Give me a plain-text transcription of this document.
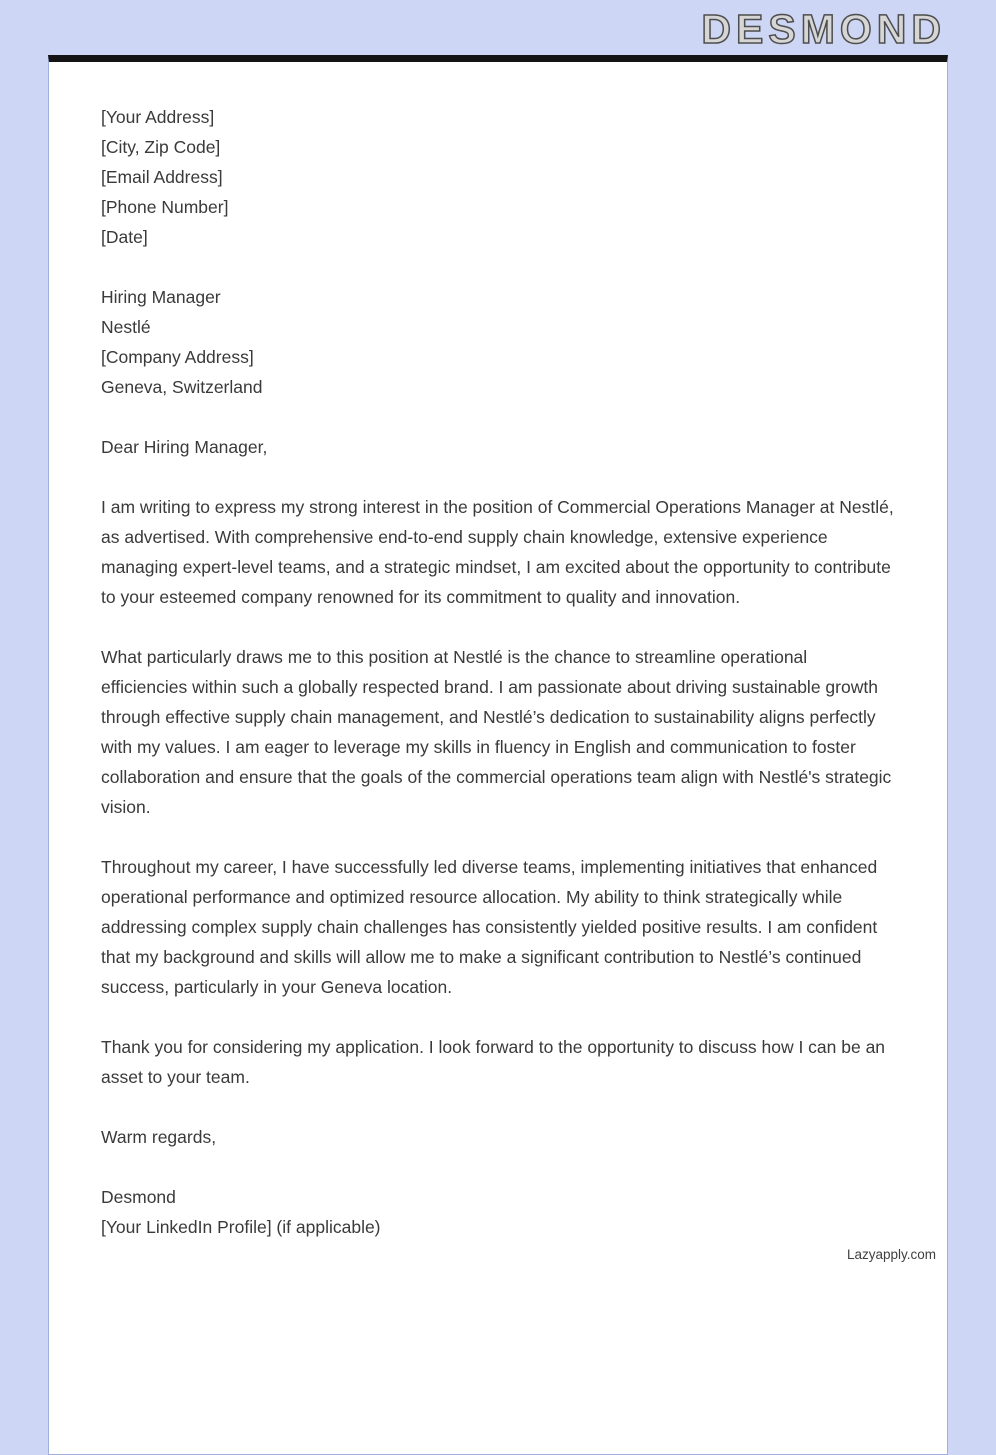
DESMOND
[Your Address]
[City, Zip Code]
[Email Address]
[Phone Number]
[Date]
Hiring Manager
Nestlé
[Company Address]
Geneva, Switzerland

Dear Hiring Manager,

I am writing to express my strong interest in the position of Commercial Operations Manager at Nestlé, as advertised. With comprehensive end-to-end supply chain knowledge, extensive experience managing expert-level teams, and a strategic mindset, I am excited about the opportunity to contribute to your esteemed company renowned for its commitment to quality and innovation.

What particularly draws me to this position at Nestlé is the chance to streamline operational efficiencies within such a globally respected brand. I am passionate about driving sustainable growth through effective supply chain management, and Nestlé’s dedication to sustainability aligns perfectly with my values. I am eager to leverage my skills in fluency in English and communication to foster collaboration and ensure that the goals of the commercial operations team align with Nestlé's strategic vision.

Throughout my career, I have successfully led diverse teams, implementing initiatives that enhanced operational performance and optimized resource allocation. My ability to think strategically while addressing complex supply chain challenges has consistently yielded positive results. I am confident that my background and skills will allow me to make a significant contribution to Nestlé’s continued success, particularly in your Geneva location.

Thank you for considering my application. I look forward to the opportunity to discuss how I can be an asset to your team.

Warm regards,

Desmond
[Your LinkedIn Profile] (if applicable)
Lazyapply.com
